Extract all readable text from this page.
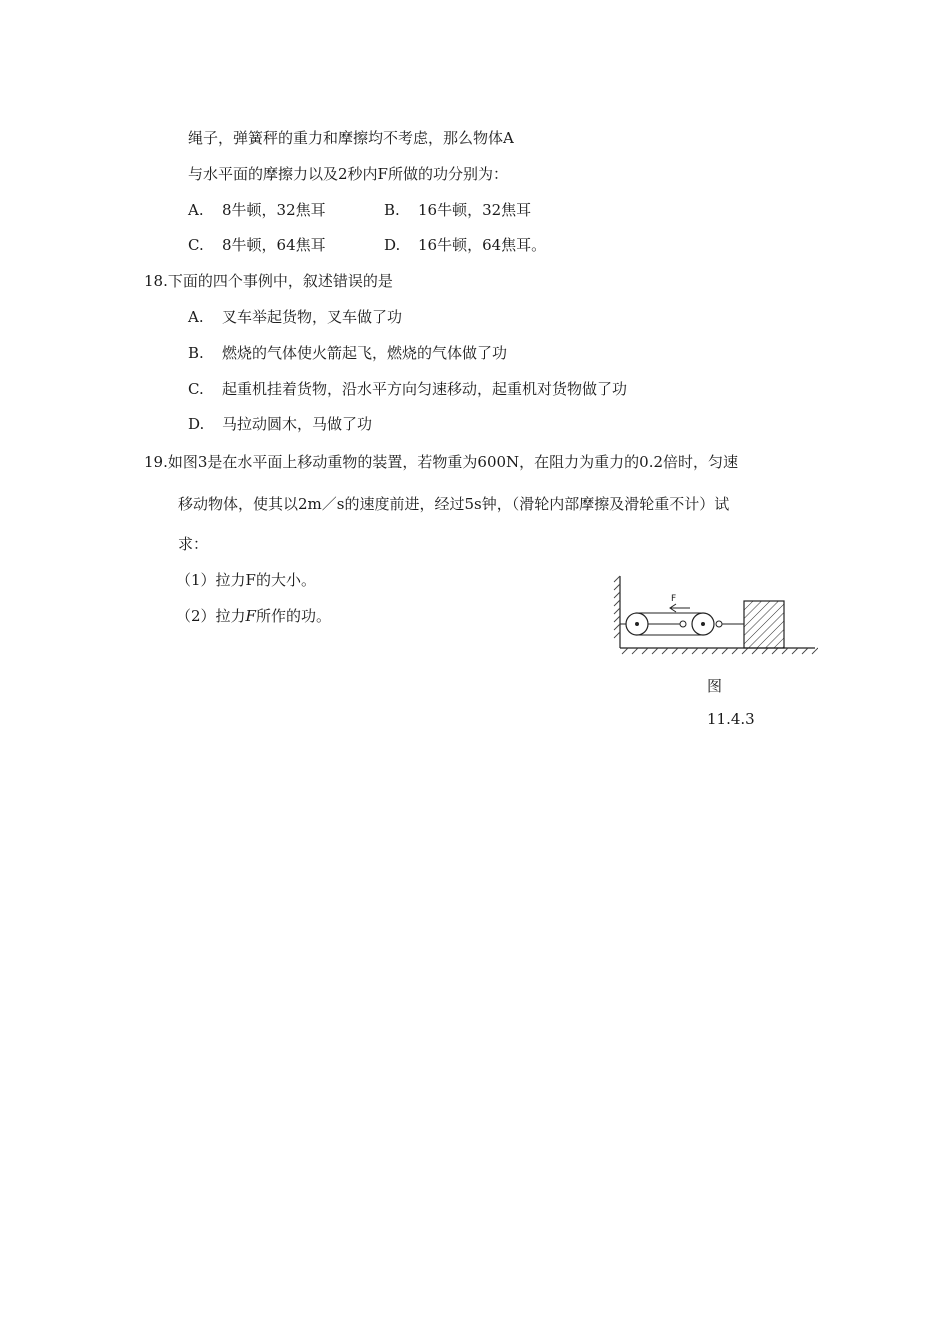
绳子，弹簧秤的重力和摩擦均不考虑，那么物体A
与水平面的摩擦力以及2秒内F所做的功分别为：
A. 8牛顿，32焦耳	B. 16牛顿，32焦耳
C. 8牛顿，64焦耳	D. 16牛顿，64焦耳。
18.下面的四个事例中，叙述错误的是
A. 叉车举起货物，叉车做了功
B. 燃烧的气体使火箭起飞，燃烧的气体做了功
C. 起重机挂着货物，沿水平方向匀速移动，起重机对货物做了功
D. 马拉动圆木，马做了功
19.如图3是在水平面上移动重物的装置，若物重为600N，在阻力为重力的0.2倍时，匀速
移动物体，使其以2m／s的速度前进，经过5s钟，（滑轮内部摩擦及滑轮重不计）试
求：
（1）拉力F的大小。
（2）拉力F所作的功。
F
图
11.4.3
